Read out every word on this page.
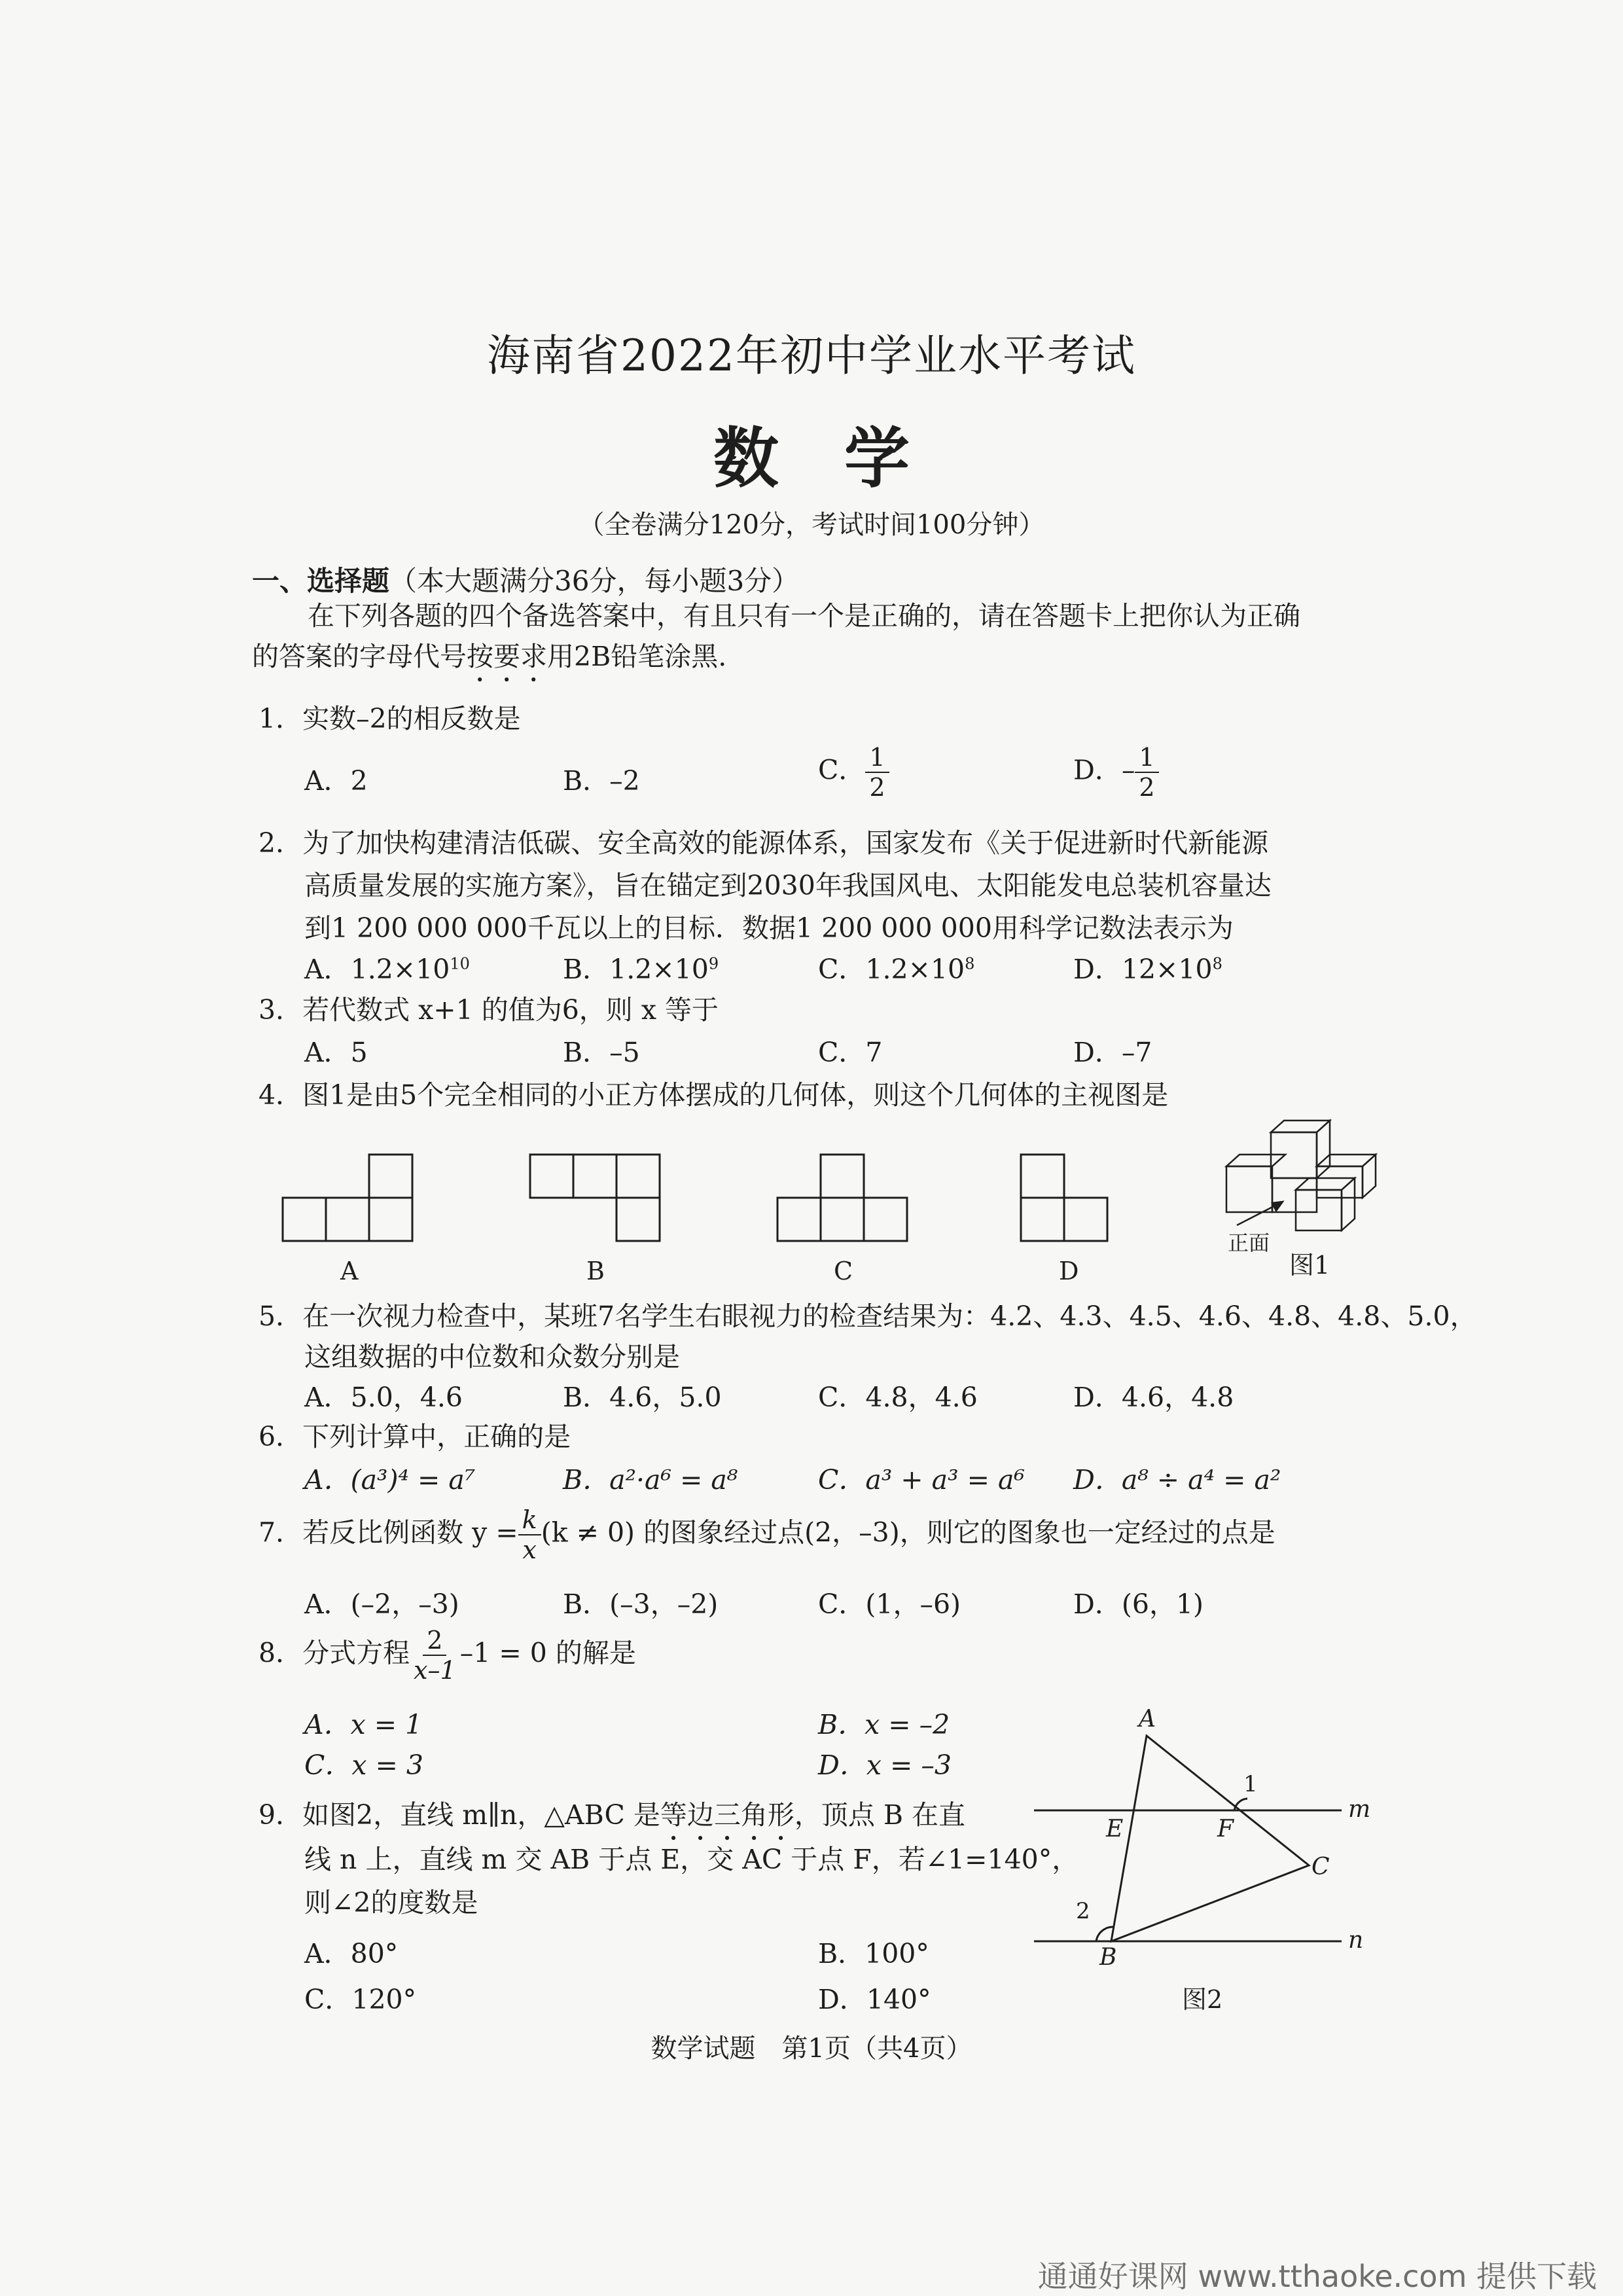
海南省2022年初中学业水平考试
数学
（全卷满分120分，考试时间100分钟）
一、选择题（本大题满分36分，每小题3分）
在下列各题的四个备选答案中，有且只有一个是正确的，请在答题卡上把你认为正确
的答案的字母代号按要求用2B铅笔涂黑.
1．实数–2的相反数是
A．2	B．–2	C． $\frac{1}{2}$	D．– $\frac{1}{2}$
2．为了加快构建清洁低碳、安全高效的能源体系，国家发布《关于促进新时代新能源
高质量发展的实施方案》，旨在锚定到2030年我国风电、太阳能发电总装机容量达
到1 200 000 000千瓦以上的目标．数据1 200 000 000用科学记数法表示为
A．$1.2\times 10^{10}$	B．$1.2\times 10^9$	C．$1.2\times 10^8$	D．$12\times 10^8$
3．若代数式 x+1 的值为6，则 x 等于
A．5	B．–5	C．7	D．–7
4．图1是由5个完全相同的小正方体摆成的几何体，则这个几何体的主视图是
A	B	C	D
正面
图1
5．在一次视力检查中，某班7名学生右眼视力的检查结果为：4.2、4.3、4.5、4.6、4.8、4.8、5.0，
这组数据的中位数和众数分别是
A．5.0，4.6	B．4.6，5.0	C．4.8，4.6	D．4.6，4.8
6．下列计算中，正确的是
A．(a³)⁴ = a⁷	B．a²·a⁶ = a⁸	C．a³ + a³ = a⁶ D．a⁸ ÷ a⁴ = a²
7．若反比例函数 $y = \frac{k}{x} (k \ne 0)$ 的图象经过点(2，–3)，则它的图象也一定经过的点是
A．(–2，–3)	B．(–3，–2)	C．(1，–6)	D．(6，1)
8．分式方程 $\frac{2}{x-1} -1 = 0$ 的解是
A．x = 1	B．x = –2
C．x = 3	D．x = –3
9．如图2，直线 m∥n，△ABC 是等边三角形，顶点 B 在直
线 n 上，直线 m 交 AB 于点 E，交 AC 于点 F，若∠1=140°，
则∠2的度数是
A．80°	B．100°
C．120°	D．140°
A
B
C
E	F
m
n
1
2
图2
数学试题　第1页（共4页）
通通好课网 www.tthaoke.com 提供下载
